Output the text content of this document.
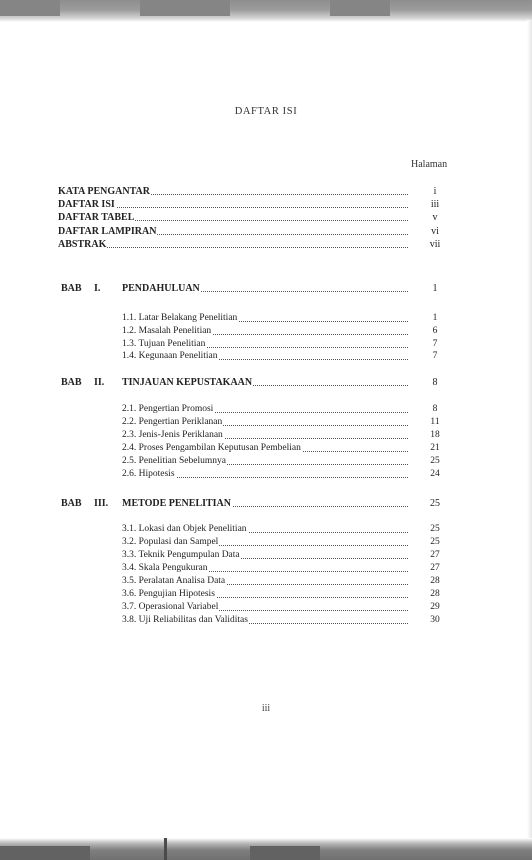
DAFTAR ISI
Halaman
KATA PENGANTAR	i
DAFTAR ISI	iii
DAFTAR TABEL	v
DAFTAR LAMPIRAN	vi
ABSTRAK	vii
BAB I. PENDAHULUAN	1
1.1. Latar Belakang Penelitian	1
1.2. Masalah Penelitian	6
1.3. Tujuan Penelitian	7
1.4. Kegunaan Penelitian	7
BAB II. TINJAUAN KEPUSTAKAAN	8
2.1. Pengertian Promosi	8
2.2. Pengertian Periklanan	11
2.3. Jenis-Jenis Periklanan	18
2.4. Proses Pengambilan Keputusan Pembelian	21
2.5. Penelitian Sebelumnya	25
2.6. Hipotesis	24
BAB III. METODE PENELITIAN	25
3.1. Lokasi dan Objek Penelitian	25
3.2. Populasi dan Sampel	25
3.3. Teknik Pengumpulan Data	27
3.4. Skala Pengukuran	27
3.5. Peralatan Analisa Data	28
3.6. Pengujian Hipotesis	28
3.7. Operasional Variabel	29
3.8. Uji Reliabilitas dan Validitas	30
iii
